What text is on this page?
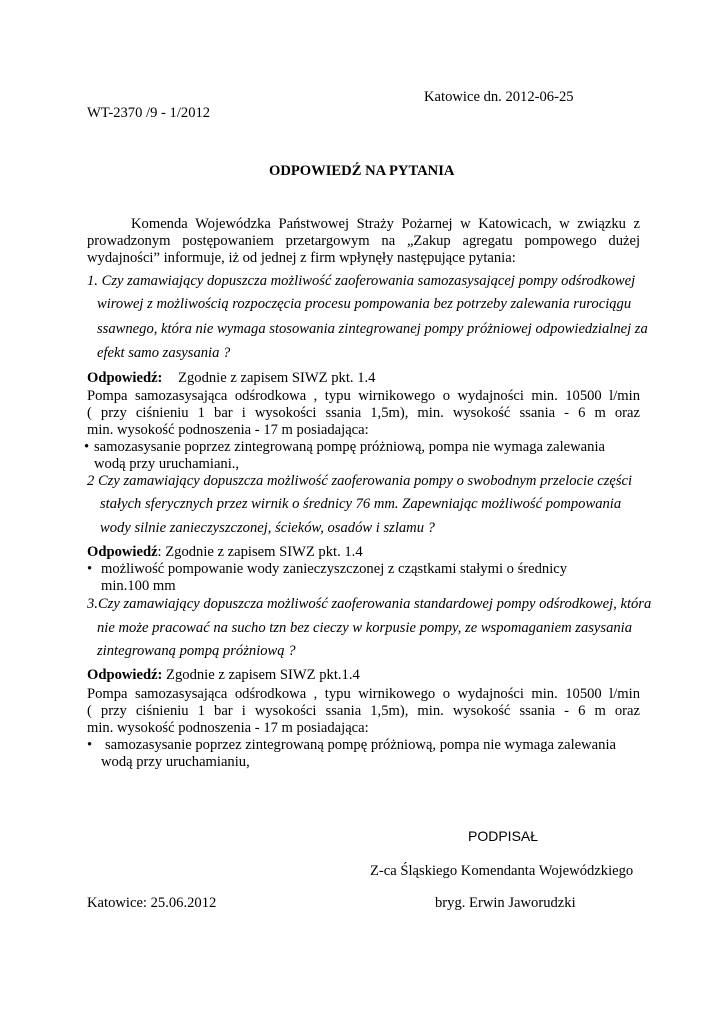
Katowice dn. 2012-06-25
WT-2370 /9 - 1/2012
ODPOWIEDŹ NA PYTANIA
Komenda Wojewódzka Państwowej Straży Pożarnej w Katowicach, w związku z
prowadzonym postępowaniem przetargowym na „Zakup agregatu pompowego dużej
wydajności” informuje, iż od jednej z firm wpłynęły następujące pytania:
1. Czy zamawiający dopuszcza możliwość zaoferowania samozasysającej pompy odśrodkowej
wirowej z możliwością rozpoczęcia procesu pompowania bez potrzeby zalewania rurociągu
ssawnego, która nie wymaga stosowania zintegrowanej pompy próżniowej odpowiedzialnej za
efekt samo zasysania ?
Odpowiedź: Zgodnie z zapisem SIWZ pkt. 1.4
Pompa samozasysająca odśrodkowa , typu wirnikowego o wydajności min. 10500 l/min
( przy ciśnieniu 1 bar i wysokości ssania 1,5m), min. wysokość ssania - 6 m oraz
min. wysokość podnoszenia - 17 m posiadająca:
• samozasysanie poprzez zintegrowaną pompę próżniową, pompa nie wymaga zalewania
wodą przy uruchamiani.,
2 Czy zamawiający dopuszcza możliwość zaoferowania pompy o swobodnym przelocie części
stałych sferycznych przez wirnik o średnicy 76 mm. Zapewniając możliwość pompowania
wody silnie zanieczyszczonej, ścieków, osadów i szlamu ?
Odpowiedź: Zgodnie z zapisem SIWZ pkt. 1.4
• możliwość pompowanie wody zanieczyszczonej z cząstkami stałymi o średnicy
min.100 mm
3.Czy zamawiający dopuszcza możliwość zaoferowania standardowej pompy odśrodkowej, która
nie może pracować na sucho tzn bez cieczy w korpusie pompy, ze wspomaganiem zasysania
zintegrowaną pompą próżniową ?
Odpowiedź: Zgodnie z zapisem SIWZ pkt.1.4
Pompa samozasysająca odśrodkowa , typu wirnikowego o wydajności min. 10500 l/min
( przy ciśnieniu 1 bar i wysokości ssania 1,5m), min. wysokość ssania - 6 m oraz
min. wysokość podnoszenia - 17 m posiadająca:
• samozasysanie poprzez zintegrowaną pompę próżniową, pompa nie wymaga zalewania
wodą przy uruchamianiu,
PODPISAŁ
Z-ca Śląskiego Komendanta Wojewódzkiego
Katowice: 25.06.2012	bryg. Erwin Jaworudzki
